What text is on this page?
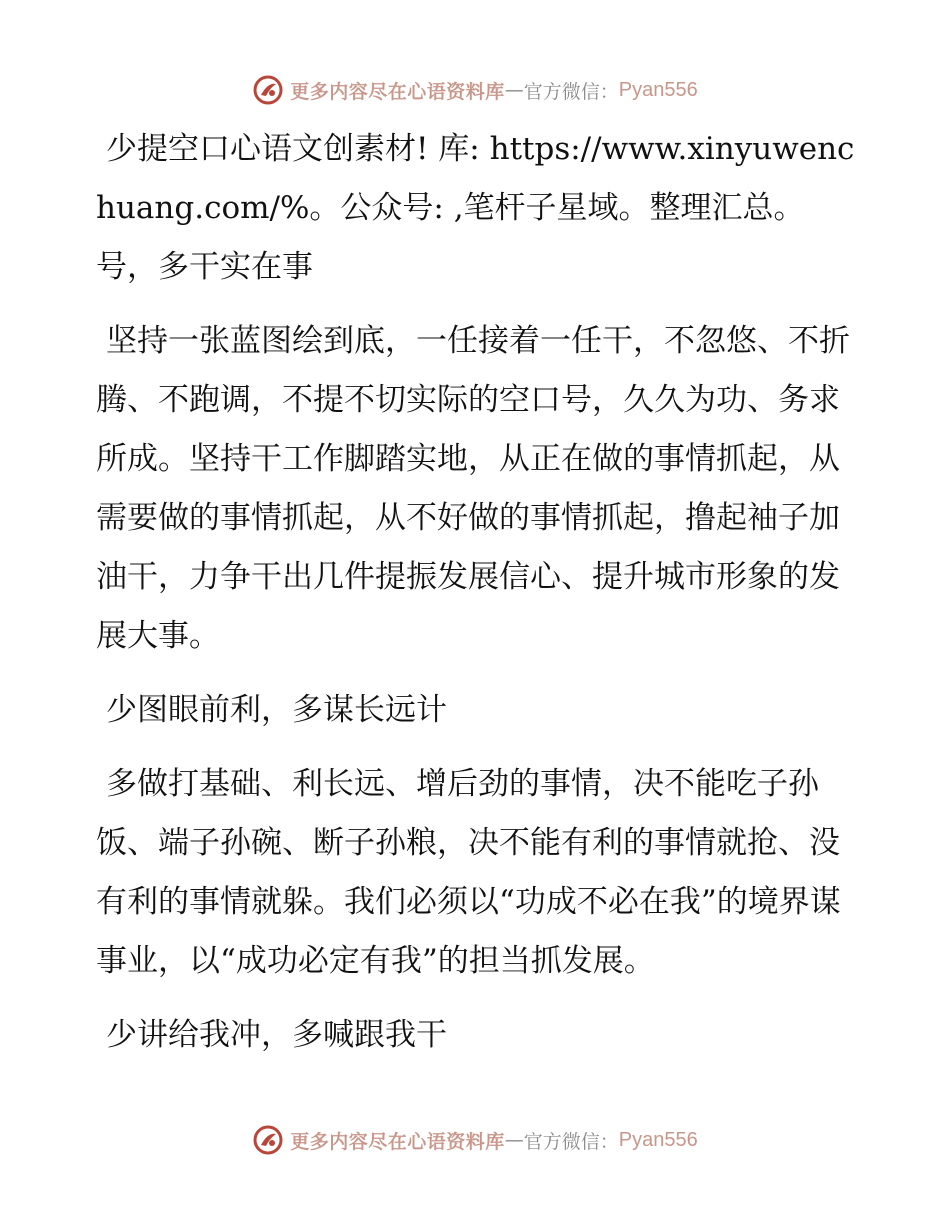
更多内容尽在心语资料库 — 官方微信： Pyan556

少提空口心语文创素材! 库: https://www.xinyuwenchuang.com/%。公众号: ,笔杆子星域。整理汇总。号，多干实在事

坚持一张蓝图绘到底，一任接着一任干，不忽悠、不折腾、不跑调，不提不切实际的空口号，久久为功、务求所成。坚持干工作脚踏实地，从正在做的事情抓起，从需要做的事情抓起，从不好做的事情抓起，撸起袖子加油干，力争干出几件提振发展信心、提升城市形象的发展大事。

少图眼前利，多谋长远计

多做打基础、利长远、增后劲的事情，决不能吃子孙饭、端子孙碗、断子孙粮，决不能有利的事情就抢、没有利的事情就躲。我们必须以“功成不必在我”的境界谋事业，以“成功必定有我”的担当抓发展。

少讲给我冲，多喊跟我干

更多内容尽在心语资料库 — 官方微信： Pyan556
